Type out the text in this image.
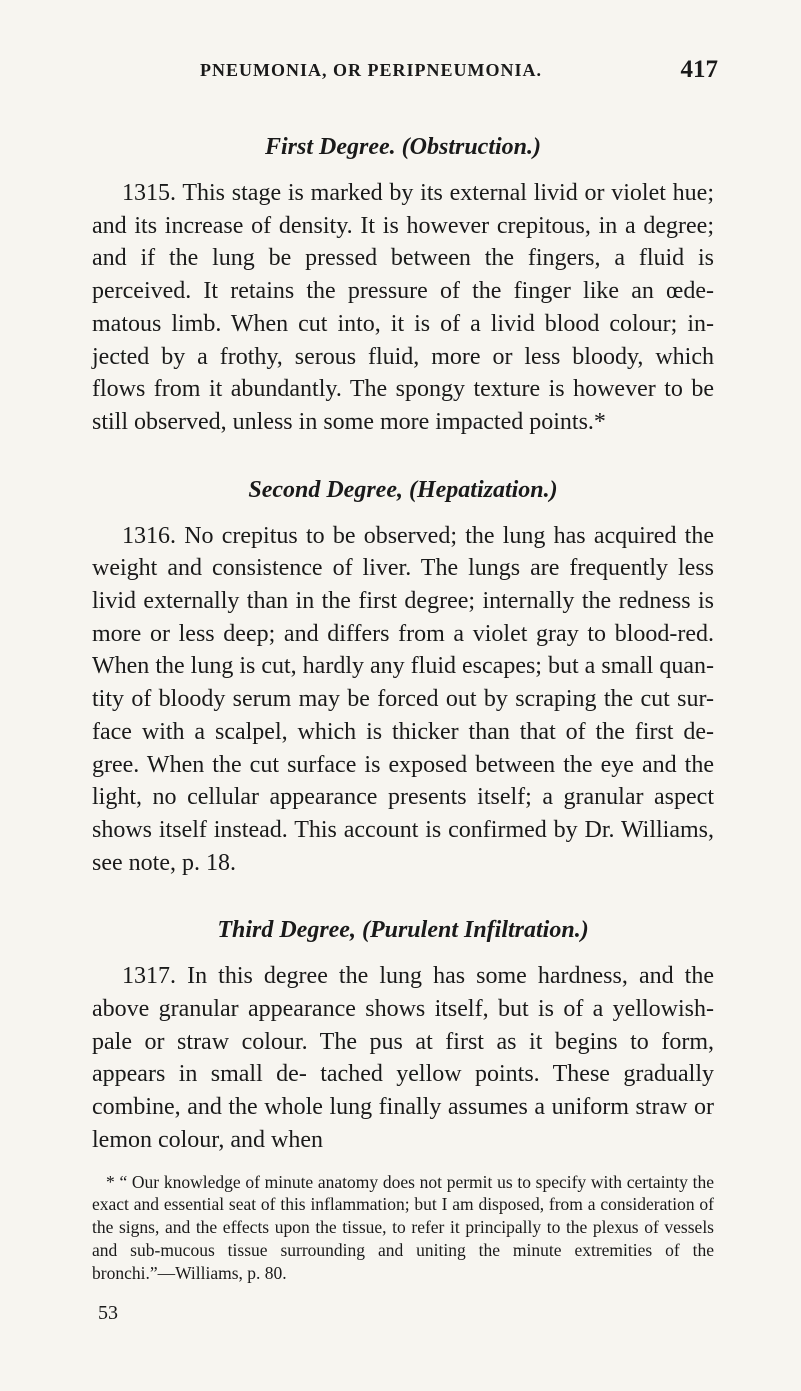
PNEUMONIA, OR PERIPNEUMONIA.	417
First Degree. (Obstruction.)

1315. This stage is marked by its external livid or violet hue; and its increase of density. It is however crepitous, in a degree; and if the lung be pressed between the fingers, a fluid is perceived. It retains the pressure of the finger like an œde- matous limb. When cut into, it is of a livid blood colour; in- jected by a frothy, serous fluid, more or less bloody, which flows from it abundantly. The spongy texture is however to be still observed, unless in some more impacted points.*

Second Degree, (Hepatization.)

1316. No crepitus to be observed; the lung has acquired the weight and consistence of liver. The lungs are frequently less livid externally than in the first degree; internally the redness is more or less deep; and differs from a violet gray to blood-red. When the lung is cut, hardly any fluid escapes; but a small quan- tity of bloody serum may be forced out by scraping the cut sur- face with a scalpel, which is thicker than that of the first de- gree. When the cut surface is exposed between the eye and the light, no cellular appearance presents itself; a granular aspect shows itself instead. This account is confirmed by Dr. Williams, see note, p. 18.

Third Degree, (Purulent Infiltration.)

1317. In this degree the lung has some hardness, and the above granular appearance shows itself, but is of a yellowish-pale or straw colour. The pus at first as it begins to form, appears in small de- tached yellow points. These gradually combine, and the whole lung finally assumes a uniform straw or lemon colour, and when

* “ Our knowledge of minute anatomy does not permit us to specify with certainty the exact and essential seat of this inflammation; but I am disposed, from a consideration of the signs, and the effects upon the tissue, to refer it principally to the plexus of vessels and sub-mucous tissue surrounding and uniting the minute extremities of the bronchi.”—Williams, p. 80.

53
